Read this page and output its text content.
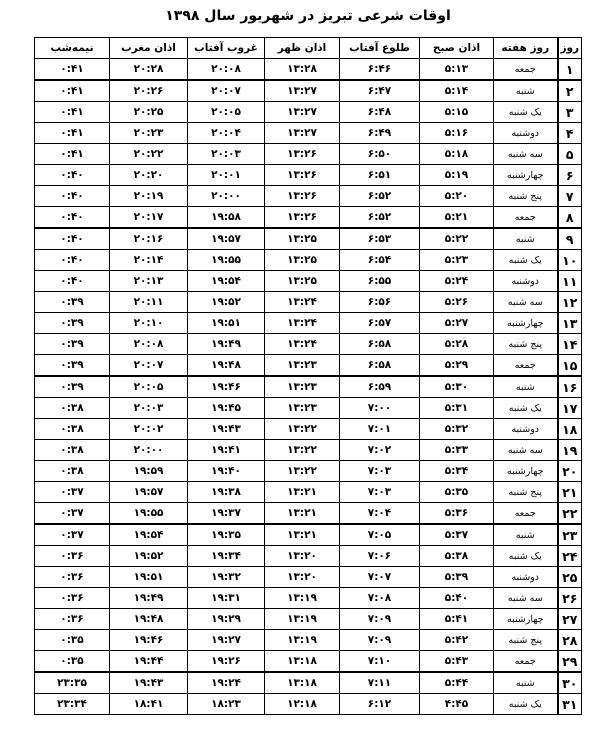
اوقات شرعی تبریز در شهریور سال ۱۳۹۸
روز	روز هفته	اذان صبح	طلوع آفتاب	اذان ظهر	غروب آفتاب	اذان مغرب	نیمه‌شب
۱	جمعه	۵:۱۳	۶:۴۶	۱۳:۲۸	۲۰:۰۸	۲۰:۲۸	۰:۴۱
۲	شنبه	۵:۱۴	۶:۴۷	۱۳:۲۷	۲۰:۰۷	۲۰:۲۶	۰:۴۱
۳	یک شنبه	۵:۱۵	۶:۴۸	۱۳:۲۷	۲۰:۰۵	۲۰:۲۵	۰:۴۱
۴	دوشنبه	۵:۱۶	۶:۴۹	۱۳:۲۷	۲۰:۰۴	۲۰:۲۳	۰:۴۱
۵	سه شنبه	۵:۱۸	۶:۵۰	۱۳:۲۶	۲۰:۰۳	۲۰:۲۲	۰:۴۱
۶	چهارشنبه	۵:۱۹	۶:۵۱	۱۳:۲۶	۲۰:۰۱	۲۰:۲۰	۰:۴۰
۷	پنج شنبه	۵:۲۰	۶:۵۲	۱۳:۲۶	۲۰:۰۰	۲۰:۱۹	۰:۴۰
۸	جمعه	۵:۲۱	۶:۵۲	۱۳:۲۶	۱۹:۵۸	۲۰:۱۷	۰:۴۰
۹	شنبه	۵:۲۲	۶:۵۳	۱۳:۲۵	۱۹:۵۷	۲۰:۱۶	۰:۴۰
۱۰	یک شنبه	۵:۲۳	۶:۵۴	۱۳:۲۵	۱۹:۵۵	۲۰:۱۴	۰:۴۰
۱۱	دوشنبه	۵:۲۴	۶:۵۵	۱۳:۲۵	۱۹:۵۴	۲۰:۱۳	۰:۴۰
۱۲	سه شنبه	۵:۲۶	۶:۵۶	۱۳:۲۴	۱۹:۵۲	۲۰:۱۱	۰:۳۹
۱۳	چهارشنبه	۵:۲۷	۶:۵۷	۱۳:۲۴	۱۹:۵۱	۲۰:۱۰	۰:۳۹
۱۴	پنج شنبه	۵:۲۸	۶:۵۸	۱۳:۲۴	۱۹:۴۹	۲۰:۰۸	۰:۳۹
۱۵	جمعه	۵:۲۹	۶:۵۸	۱۳:۲۳	۱۹:۴۸	۲۰:۰۷	۰:۳۹
۱۶	شنبه	۵:۳۰	۶:۵۹	۱۳:۲۳	۱۹:۴۶	۲۰:۰۵	۰:۳۹
۱۷	یک شنبه	۵:۳۱	۷:۰۰	۱۳:۲۳	۱۹:۴۵	۲۰:۰۳	۰:۳۸
۱۸	دوشنبه	۵:۳۲	۷:۰۱	۱۳:۲۲	۱۹:۴۳	۲۰:۰۲	۰:۳۸
۱۹	سه شنبه	۵:۳۳	۷:۰۲	۱۳:۲۲	۱۹:۴۱	۲۰:۰۰	۰:۳۸
۲۰	چهارشنبه	۵:۳۴	۷:۰۳	۱۳:۲۲	۱۹:۴۰	۱۹:۵۹	۰:۳۸
۲۱	پنج شنبه	۵:۳۵	۷:۰۳	۱۳:۲۱	۱۹:۳۸	۱۹:۵۷	۰:۳۷
۲۲	جمعه	۵:۳۶	۷:۰۴	۱۳:۲۱	۱۹:۳۷	۱۹:۵۵	۰:۳۷
۲۳	شنبه	۵:۳۷	۷:۰۵	۱۳:۲۱	۱۹:۳۵	۱۹:۵۴	۰:۳۷
۲۴	یک شنبه	۵:۳۸	۷:۰۶	۱۳:۲۰	۱۹:۳۴	۱۹:۵۲	۰:۳۶
۲۵	دوشنبه	۵:۳۹	۷:۰۷	۱۳:۲۰	۱۹:۳۲	۱۹:۵۱	۰:۳۶
۲۶	سه شنبه	۵:۴۰	۷:۰۸	۱۳:۱۹	۱۹:۳۱	۱۹:۴۹	۰:۳۶
۲۷	چهارشنبه	۵:۴۱	۷:۰۹	۱۳:۱۹	۱۹:۲۹	۱۹:۴۸	۰:۳۶
۲۸	پنج شنبه	۵:۴۲	۷:۰۹	۱۳:۱۹	۱۹:۲۷	۱۹:۴۶	۰:۳۵
۲۹	جمعه	۵:۴۳	۷:۱۰	۱۳:۱۸	۱۹:۲۶	۱۹:۴۴	۰:۳۵
۳۰	شنبه	۵:۴۴	۷:۱۱	۱۳:۱۸	۱۹:۲۴	۱۹:۴۳	۲۳:۳۵
۳۱	یک شنبه	۴:۴۵	۶:۱۲	۱۲:۱۸	۱۸:۲۳	۱۸:۴۱	۲۳:۳۴
